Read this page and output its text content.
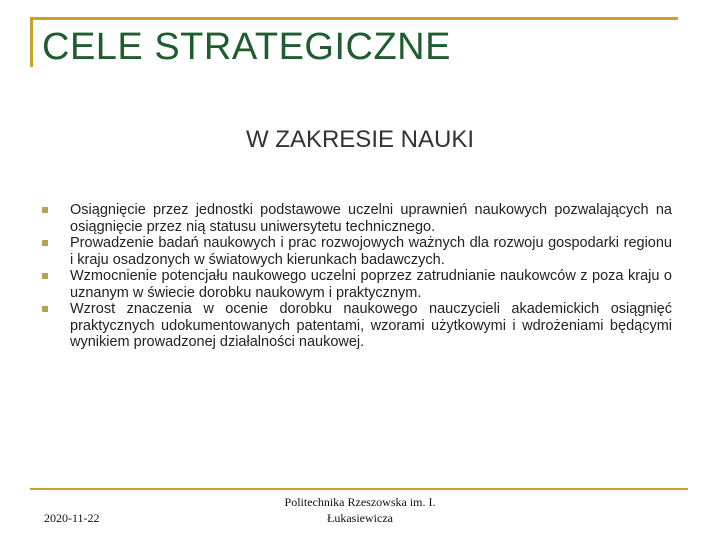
CELE STRATEGICZNE
W ZAKRESIE NAUKI
Osiągnięcie przez jednostki podstawowe uczelni uprawnień naukowych pozwalających na osiągnięcie przez nią statusu uniwersytetu technicznego.
Prowadzenie badań naukowych i prac rozwojowych ważnych dla rozwoju gospodarki regionu i kraju osadzonych w światowych kierunkach badawczych.
Wzmocnienie potencjału naukowego uczelni poprzez zatrudnianie naukowców z poza kraju o uznanym w świecie dorobku naukowym i praktycznym.
Wzrost znaczenia w ocenie dorobku naukowego nauczycieli akademickich osiągnięć praktycznych udokumentowanych patentami, wzorami użytkowymi i wdrożeniami będącymi wynikiem prowadzonej działalności naukowej.
2020-11-22
Politechnika Rzeszowska im. I.
Łukasiewicza
